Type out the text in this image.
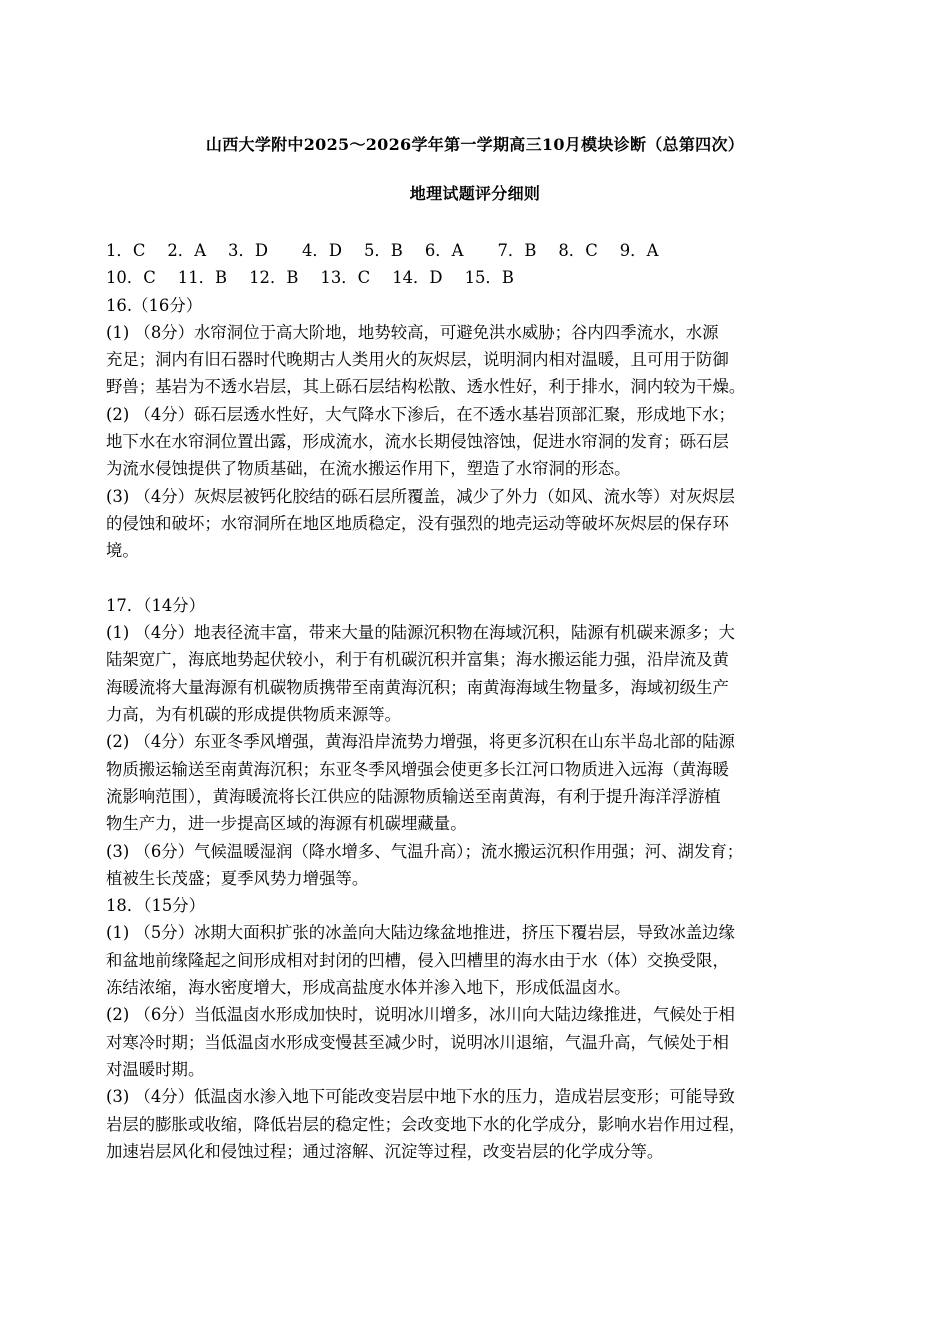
山西大学附中2025～2026学年第一学期高三10月模块诊断（总第四次）
地理试题评分细则
1．C 2．A 3．D 4．D 5．B 6．A 7．B 8．C 9．A
10．C 11．B 12．B 13．C 14．D 15．B
16.（16分）
(1) （8分）水帘洞位于高大阶地，地势较高，可避免洪水威胁；谷内四季流水，水源
充足；洞内有旧石器时代晚期古人类用火的灰烬层，说明洞内相对温暖，且可用于防御
野兽；基岩为不透水岩层，其上砾石层结构松散、透水性好，利于排水，洞内较为干燥。
(2) （4分）砾石层透水性好，大气降水下渗后，在不透水基岩顶部汇聚，形成地下水；
地下水在水帘洞位置出露，形成流水，流水长期侵蚀溶蚀，促进水帘洞的发育；砾石层
为流水侵蚀提供了物质基础，在流水搬运作用下，塑造了水帘洞的形态。
(3) （4分）灰烬层被钙化胶结的砾石层所覆盖，减少了外力（如风、流水等）对灰烬层
的侵蚀和破坏；水帘洞所在地区地质稳定，没有强烈的地壳运动等破坏灰烬层的保存环
境。
17．（14分）
(1) （4分）地表径流丰富，带来大量的陆源沉积物在海域沉积，陆源有机碳来源多；大
陆架宽广，海底地势起伏较小，利于有机碳沉积并富集；海水搬运能力强，沿岸流及黄
海暖流将大量海源有机碳物质携带至南黄海沉积；南黄海海域生物量多，海域初级生产
力高，为有机碳的形成提供物质来源等。
(2) （4分）东亚冬季风增强，黄海沿岸流势力增强，将更多沉积在山东半岛北部的陆源
物质搬运输送至南黄海沉积；东亚冬季风增强会使更多长江河口物质进入远海（黄海暖
流影响范围），黄海暖流将长江供应的陆源物质输送至南黄海，有利于提升海洋浮游植
物生产力，进一步提高区域的海源有机碳埋藏量。
(3) （6分）气候温暖湿润（降水增多、气温升高）；流水搬运沉积作用强；河、湖发育；
植被生长茂盛；夏季风势力增强等。
18．（15分）
(1) （5分）冰期大面积扩张的冰盖向大陆边缘盆地推进，挤压下覆岩层，导致冰盖边缘
和盆地前缘隆起之间形成相对封闭的凹槽，侵入凹槽里的海水由于水（体）交换受限，
冻结浓缩，海水密度增大，形成高盐度水体并渗入地下，形成低温卤水。
(2) （6分）当低温卤水形成加快时，说明冰川增多，冰川向大陆边缘推进，气候处于相
对寒冷时期；当低温卤水形成变慢甚至减少时，说明冰川退缩，气温升高，气候处于相
对温暖时期。
(3) （4分）低温卤水渗入地下可能改变岩层中地下水的压力，造成岩层变形；可能导致
岩层的膨胀或收缩，降低岩层的稳定性；会改变地下水的化学成分，影响水岩作用过程，
加速岩层风化和侵蚀过程；通过溶解、沉淀等过程，改变岩层的化学成分等。
